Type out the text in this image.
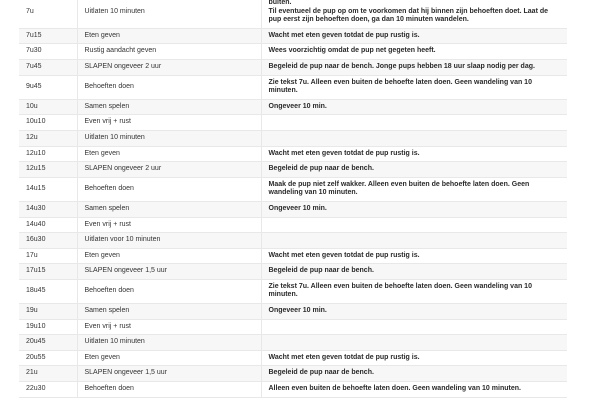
7u	Uitlaten 10 minuten	buiten.
Til eventueel de pup op om te voorkomen dat hij binnen zijn behoeften doet. Laat de pup eerst zijn behoeften doen, ga dan 10 minuten wandelen.

7u15	Eten geven	Wacht met eten geven totdat de pup rustig is.

7u30	Rustig aandacht geven	Wees voorzichtig omdat de pup net gegeten heeft.

7u45	SLAPEN ongeveer 2 uur	Begeleid de pup naar de bench. Jonge pups hebben 18 uur slaap nodig per dag.

9u45	Behoeften doen	Zie tekst 7u. Alleen even buiten de behoefte laten doen. Geen wandeling van 10 minuten.

10u	Samen spelen	Ongeveer 10 min.

10u10	Even vrij + rust	
12u	Uitlaten 10 minuten	
12u10	Eten geven	Wacht met eten geven totdat de pup rustig is.

12u15	SLAPEN ongeveer 2 uur	Begeleid de pup naar de bench.

14u15	Behoeften doen	Maak de pup niet zelf wakker. Alleen even buiten de behoefte laten doen. Geen wandeling van 10 minuten.

14u30	Samen spelen	Ongeveer 10 min.

14u40	Even vrij + rust	
16u30	Uitlaten voor 10 minuten	
17u	Eten geven	Wacht met eten geven totdat de pup rustig is.

17u15	SLAPEN ongeveer 1,5 uur	Begeleid de pup naar de bench.

18u45	Behoeften doen	Zie tekst 7u. Alleen even buiten de behoefte laten doen. Geen wandeling van 10 minuten.

19u	Samen spelen	Ongeveer 10 min.

19u10	Even vrij + rust	
20u45	Uitlaten 10 minuten	
20u55	Eten geven	Wacht met eten geven totdat de pup rustig is.

21u	SLAPEN ongeveer 1,5 uur	Begeleid de pup naar de bench.

22u30	Behoeften doen	Alleen even buiten de behoefte laten doen. Geen wandeling van 10 minuten.
